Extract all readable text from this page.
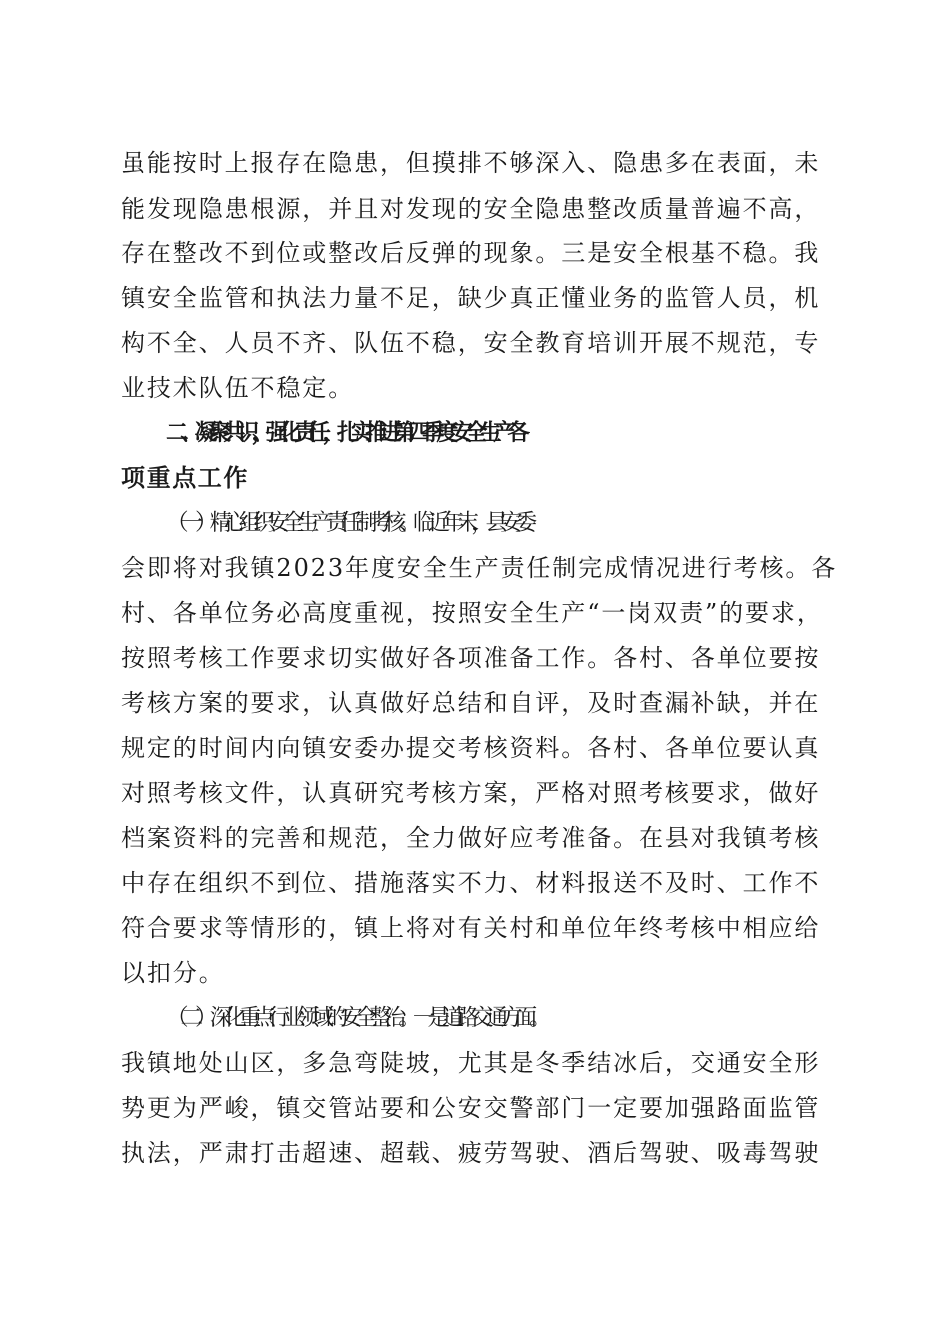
虽能按时上报存在隐患，但摸排不够深入、隐患多在表面，未
能发现隐患根源，并且对发现的安全隐患整改质量普遍不高，
存在整改不到位或整改后反弹的现象。三是安全根基不稳。我
镇安全监管和执法力量不足，缺少真正懂业务的监管人员，机
构不全、人员不齐、队伍不稳，安全教育培训开展不规范，专
业技术队伍不稳定。
二、凝聚共识，强化责任，扎实推进第四季度安全生产各
项重点工作
（一）精心组织安全生产责任制考核。临近年末，县安委
会即将对我镇2023年度安全生产责任制完成情况进行考核。各
村、各单位务必高度重视，按照安全生产“一岗双责”的要求，
按照考核工作要求切实做好各项准备工作。各村、各单位要按
考核方案的要求，认真做好总结和自评，及时查漏补缺，并在
规定的时间内向镇安委办提交考核资料。各村、各单位要认真
对照考核文件，认真研究考核方案，严格对照考核要求，做好
档案资料的完善和规范，全力做好应考准备。在县对我镇考核
中存在组织不到位、措施落实不力、材料报送不及时、工作不
符合要求等情形的，镇上将对有关村和单位年终考核中相应给
以扣分。
（二）深化重点行业领域的安全整治。一是道路交通方面。
我镇地处山区，多急弯陡坡，尤其是冬季结冰后，交通安全形
势更为严峻，镇交管站要和公安交警部门一定要加强路面监管
执法，严肃打击超速、超载、疲劳驾驶、酒后驾驶、吸毒驾驶
